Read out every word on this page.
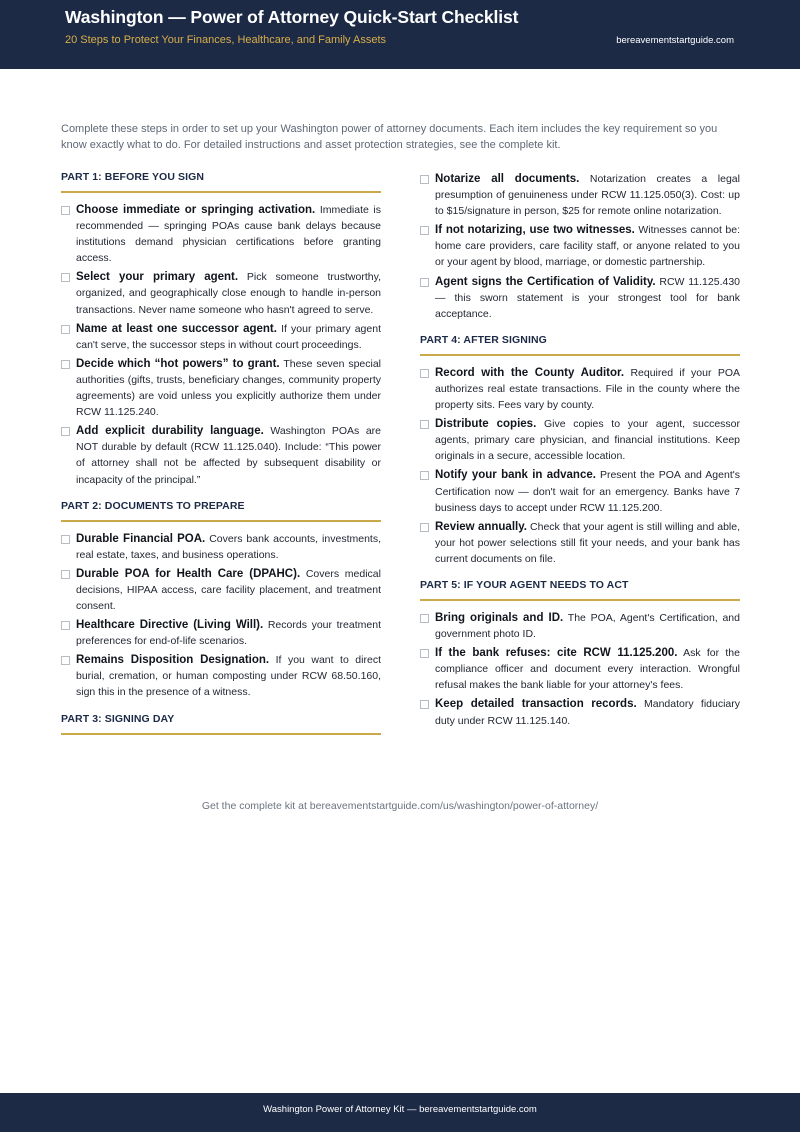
Washington — Power of Attorney Quick-Start Checklist
20 Steps to Protect Your Finances, Healthcare, and Family Assets	bereavementstartguide.com
Complete these steps in order to set up your Washington power of attorney documents. Each item includes the key requirement so you know exactly what to do. For detailed instructions and asset protection strategies, see the complete kit.
PART 1: BEFORE YOU SIGN
Choose immediate or springing activation. Immediate is recommended — springing POAs cause bank delays because institutions demand physician certifications before granting access.
Select your primary agent. Pick someone trustworthy, organized, and geographically close enough to handle in-person transactions. Never name someone who hasn't agreed to serve.
Name at least one successor agent. If your primary agent can't serve, the successor steps in without court proceedings.
Decide which “hot powers” to grant. These seven special authorities (gifts, trusts, beneficiary changes, community property agreements) are void unless you explicitly authorize them under RCW 11.125.240.
Add explicit durability language. Washington POAs are NOT durable by default (RCW 11.125.040). Include: “This power of attorney shall not be affected by subsequent disability or incapacity of the principal.”
PART 2: DOCUMENTS TO PREPARE
Durable Financial POA. Covers bank accounts, investments, real estate, taxes, and business operations.
Durable POA for Health Care (DPAHC). Covers medical decisions, HIPAA access, care facility placement, and treatment consent.
Healthcare Directive (Living Will). Records your treatment preferences for end-of-life scenarios.
Remains Disposition Designation. If you want to direct burial, cremation, or human composting under RCW 68.50.160, sign this in the presence of a witness.
PART 3: SIGNING DAY
Notarize all documents. Notarization creates a legal presumption of genuineness under RCW 11.125.050(3). Cost: up to $15/signature in person, $25 for remote online notarization.
If not notarizing, use two witnesses. Witnesses cannot be: home care providers, care facility staff, or anyone related to you or your agent by blood, marriage, or domestic partnership.
Agent signs the Certification of Validity. RCW 11.125.430 — this sworn statement is your strongest tool for bank acceptance.
PART 4: AFTER SIGNING
Record with the County Auditor. Required if your POA authorizes real estate transactions. File in the county where the property sits. Fees vary by county.
Distribute copies. Give copies to your agent, successor agents, primary care physician, and financial institutions. Keep originals in a secure, accessible location.
Notify your bank in advance. Present the POA and Agent's Certification now — don't wait for an emergency. Banks have 7 business days to accept under RCW 11.125.200.
Review annually. Check that your agent is still willing and able, your hot power selections still fit your needs, and your bank has current documents on file.
PART 5: IF YOUR AGENT NEEDS TO ACT
Bring originals and ID. The POA, Agent's Certification, and government photo ID.
If the bank refuses: cite RCW 11.125.200. Ask for the compliance officer and document every interaction. Wrongful refusal makes the bank liable for your attorney's fees.
Keep detailed transaction records. Mandatory fiduciary duty under RCW 11.125.140.
Get the complete kit at bereavementstartguide.com/us/washington/power-of-attorney/
Washington Power of Attorney Kit — bereavementstartguide.com
